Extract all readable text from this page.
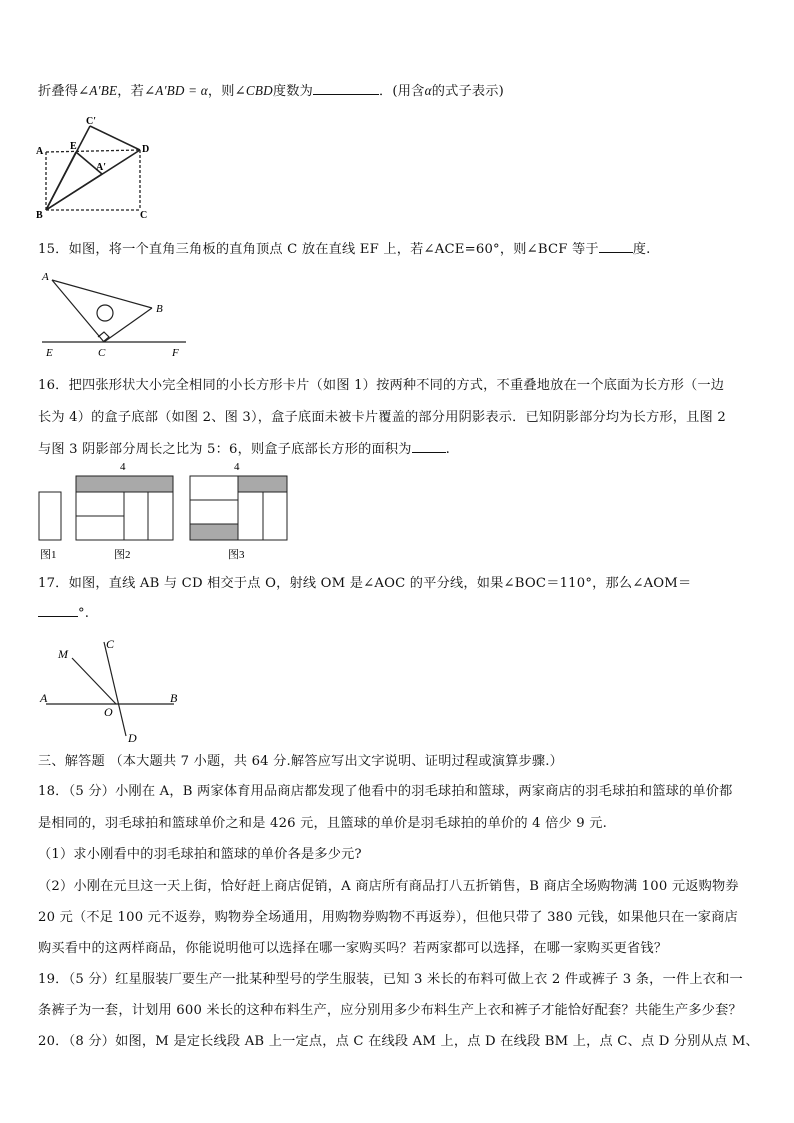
折叠得∠A′BE，若∠A′BD = α，则∠CBD度数为	．(用含α的式子表示)
A	E
C′
D
A′
B	C
15．如图，将一个直角三角板的直角顶点 C 放在直线 EF 上，若∠ACE=60°，则∠BCF 等于	度.
A
B
C
E	F
16．把四张形状大小完全相同的小长方形卡片（如图 1）按两种不同的方式，不重叠地放在一个底面为长方形（一边
长为 4）的盒子底部（如图 2、图 3），盒子底面未被卡片覆盖的部分用阴影表示．已知阴影部分均为长方形，且图 2
与图 3 阴影部分周长之比为 5：6，则盒子底部长方形的面积为	.
4	4
图1	图2	图3
17．如图，直线 AB 与 CD 相交于点 O，射线 OM 是∠AOC 的平分线，如果∠BOC＝110°，那么∠AOM＝
°.
M
C
A	B
O
D
三、解答题 （本大题共 7 小题，共 64 分.解答应写出文字说明、证明过程或演算步骤.）
18．（5 分）小刚在 A，B 两家体育用品商店都发现了他看中的羽毛球拍和篮球，两家商店的羽毛球拍和篮球的单价都
是相同的，羽毛球拍和篮球单价之和是 426 元，且篮球的单价是羽毛球拍的单价的 4 倍少 9 元.
（1）求小刚看中的羽毛球拍和篮球的单价各是多少元?
（2）小刚在元旦这一天上街，恰好赶上商店促销，A 商店所有商品打八五折销售，B 商店全场购物满 100 元返购物券
20 元（不足 100 元不返券，购物券全场通用，用购物券购物不再返券），但他只带了 380 元钱，如果他只在一家商店
购买看中的这两样商品，你能说明他可以选择在哪一家购买吗？若两家都可以选择，在哪一家购买更省钱？
19．（5 分）红星服装厂要生产一批某种型号的学生服装，已知 3 米长的布料可做上衣 2 件或裤子 3 条，一件上衣和一
条裤子为一套，计划用 600 米长的这种布料生产，应分别用多少布料生产上衣和裤子才能恰好配套？共能生产多少套？
20．（8 分）如图，M 是定长线段 AB 上一定点，点 C 在线段 AM 上，点 D 在线段 BM 上，点 C、点 D 分别从点 M、
